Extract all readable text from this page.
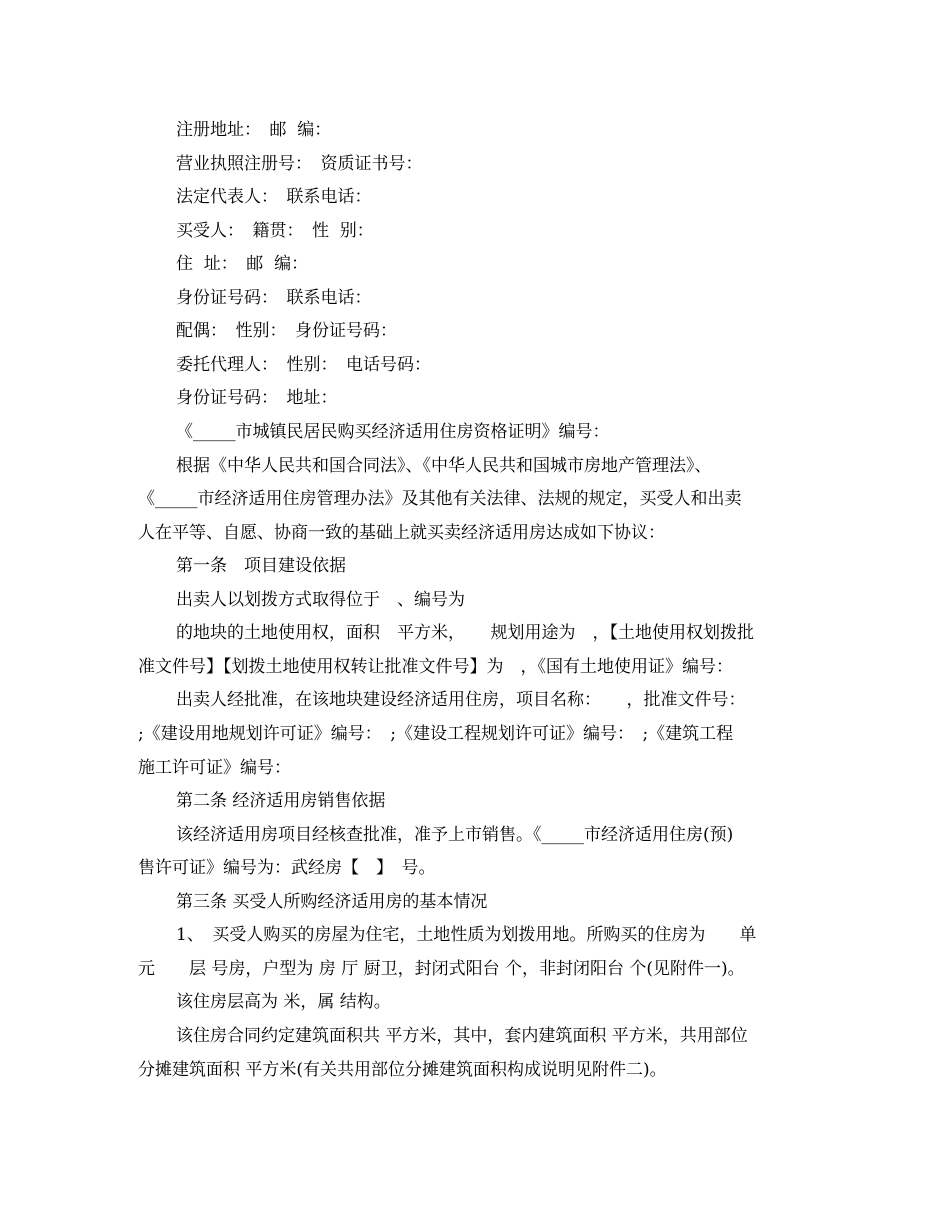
注册地址：　邮  编：
营业执照注册号：　资质证书号：
法定代表人：　联系电话：
买受人：　籍贯：　性  别：
住  址：　邮  编：
身份证号码：　联系电话：
配偶：　性别：　身份证号码：
委托代理人：　性别：　电话号码：
身份证号码：　地址：
《_____市城镇民居民购买经济适用住房资格证明》编号：
根据《中华人民共和国合同法》、《中华人民共和国城市房地产管理法》、
《_____市经济适用住房管理办法》及其他有关法律、法规的规定，买受人和出卖
人在平等、自愿、协商一致的基础上就买卖经济适用房达成如下协议：
第一条　项目建设依据
出卖人以划拨方式取得位于　、编号为
的地块的土地使用权，面积　平方米，　　规划用途为　，【土地使用权划拨批
准文件号】【划拨土地使用权转让批准文件号】为　，《国有土地使用证》编号：
出卖人经批准，在该地块建设经济适用住房，项目名称：　　，批准文件号：
;《建设用地规划许可证》编号：　;《建设工程规划许可证》编号：　;《建筑工程
施工许可证》编号：
第二条 经济适用房销售依据
该经济适用房项目经核查批准，准予上市销售。《_____市经济适用住房(预)
售许可证》编号为：武经房【　】　号。
第三条 买受人所购经济适用房的基本情况
1、　买受人购买的房屋为住宅，土地性质为划拨用地。所购买的住房为　　单
元　　层 号房，户型为 房 厅 厨卫，封闭式阳台 个，非封闭阳台 个(见附件一)。
该住房层高为 米，属 结构。
该住房合同约定建筑面积共 平方米，其中，套内建筑面积 平方米，共用部位
分摊建筑面积 平方米(有关共用部位分摊建筑面积构成说明见附件二)。
